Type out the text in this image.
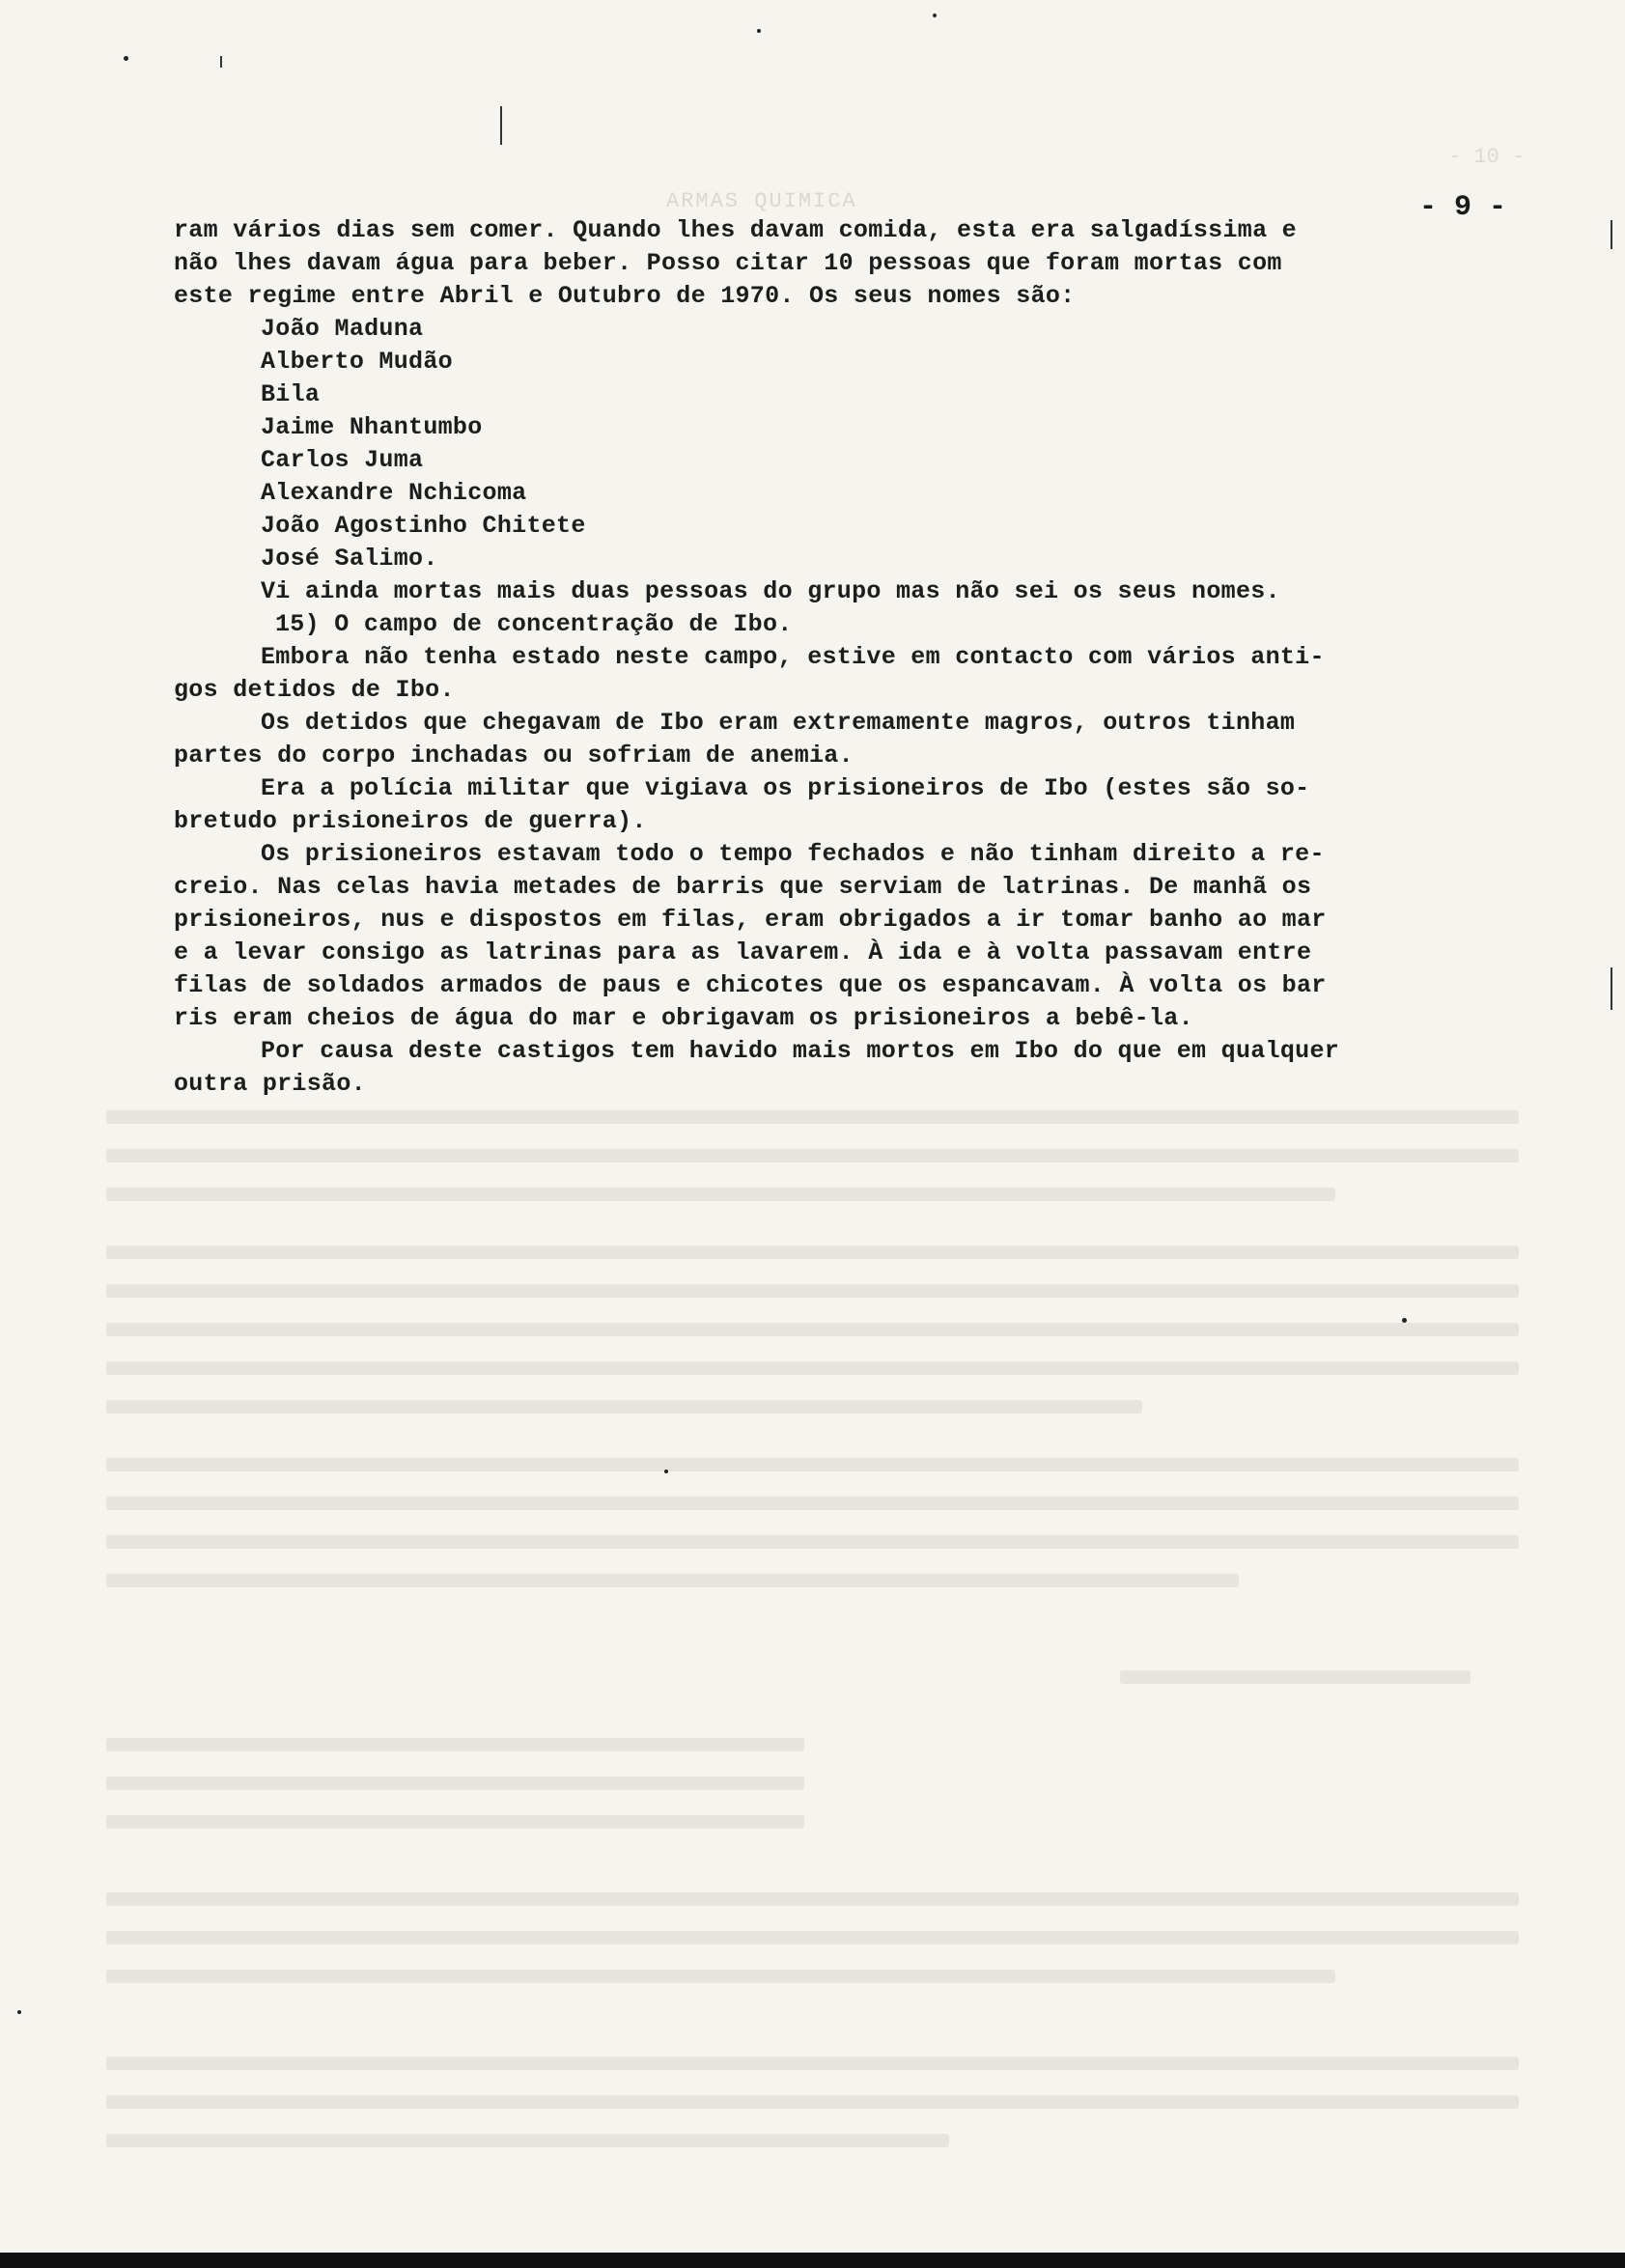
- 10 -
ARMAS QUIMICA	- 9 -
ram vários dias sem comer. Quando lhes davam comida, esta era salgadíssima e
não lhes davam água para beber. Posso citar 10 pessoas que foram mortas com
este regime entre Abril e Outubro de 1970. Os seus nomes são:
João Maduna
Alberto Mudão
Bila
Jaime Nhantumbo
Carlos Juma
Alexandre Nchicoma
João Agostinho Chitete
José Salimo.
Vi ainda mortas mais duas pessoas do grupo mas não sei os seus nomes.
15) O campo de concentração de Ibo.
Embora não tenha estado neste campo, estive em contacto com vários anti-
gos detidos de Ibo.
Os detidos que chegavam de Ibo eram extremamente magros, outros tinham
partes do corpo inchadas ou sofriam de anemia.
Era a polícia militar que vigiava os prisioneiros de Ibo (estes são so-
bretudo prisioneiros de guerra).
Os prisioneiros estavam todo o tempo fechados e não tinham direito a re-
creio. Nas celas havia metades de barris que serviam de latrinas. De manhã os
prisioneiros, nus e dispostos em filas, eram obrigados a ir tomar banho ao mar
e a levar consigo as latrinas para as lavarem. À ida e à volta passavam entre
filas de soldados armados de paus e chicotes que os espancavam. À volta os bar
ris eram cheios de água do mar e obrigavam os prisioneiros a bebê-la.
Por causa deste castigos tem havido mais mortos em Ibo do que em qualquer
outra prisão.
